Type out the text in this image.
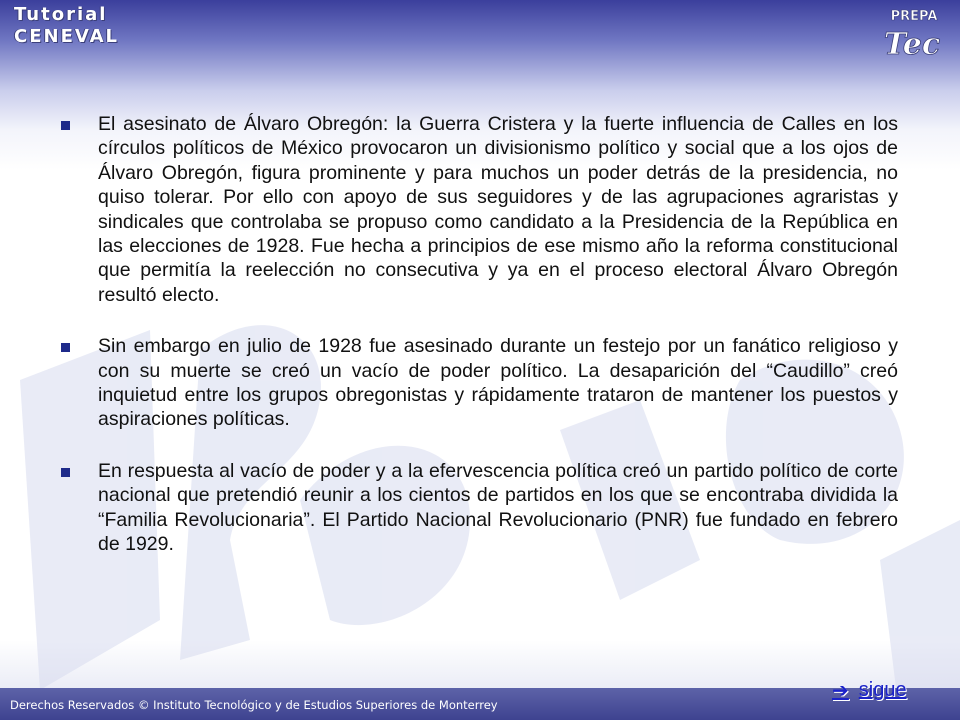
Tutorial
CENEVAL
PREPA
Tec

El asesinato de Álvaro Obregón: la Guerra Cristera y la fuerte influencia de Calles en los círculos políticos de México provocaron un divisionismo político y social que a los ojos de Álvaro Obregón, figura prominente y para muchos un poder detrás de la presidencia, no quiso tolerar. Por ello con apoyo de sus seguidores y de las agrupaciones agraristas y sindicales que controlaba se propuso como candidato a la Presidencia de la República en las elecciones de 1928. Fue hecha a principios de ese mismo año la reforma constitucional que permitía la reelección no consecutiva y ya en el proceso electoral Álvaro Obregón resultó electo.

Sin embargo en julio de 1928 fue asesinado durante un festejo por un fanático religioso y con su muerte se creó un vacío de poder político. La desaparición del “Caudillo” creó inquietud entre los grupos obregonistas y rápidamente trataron de mantener los puestos y aspiraciones políticas.

En respuesta al vacío de poder y a la efervescencia política creó un partido político de corte nacional que pretendió reunir a los cientos de partidos en los que se encontraba dividida la “Familia Revolucionaria”. El Partido Nacional Revolucionario (PNR) fue fundado en febrero de 1929.

Derechos Reservados © Instituto Tecnológico y de Estudios Superiores de Monterrey
➔ sigue
